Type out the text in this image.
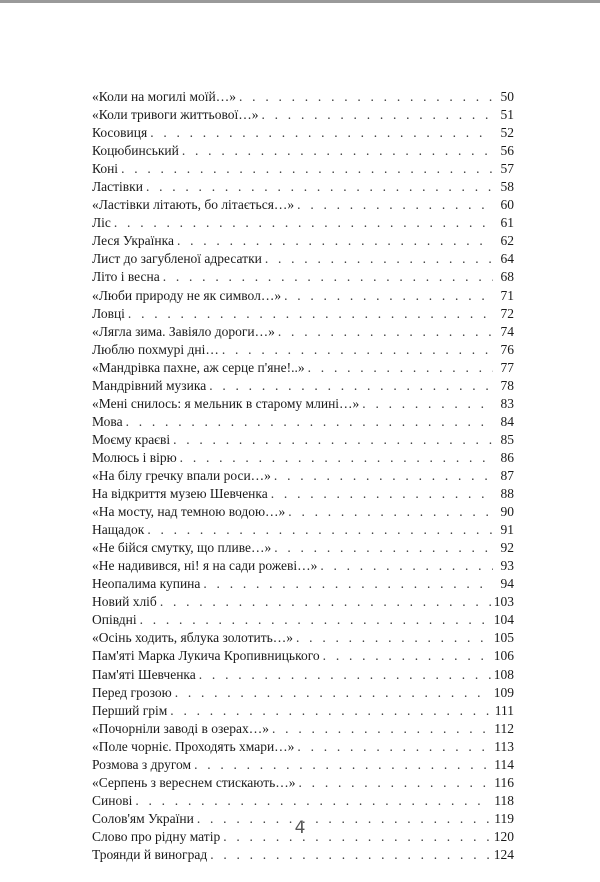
«Коли на могилі моїй…» . . .	50
«Коли тривоги життьової…» . . .	51
Косовиця . . .	52
Коцюбинський . . .	56
Коні . . .	57
Ластівки . . .	58
«Ластівки літають, бо літається…» . . .	60
Ліс . . .	61
Леся Українка . . .	62
Лист до загубленої адресатки . . .	64
Літо і весна . . .	68
«Люби природу не як символ…» . . .	71
Ловці . . .	72
«Лягла зима. Завіяло дороги…» . . .	74
Люблю похмурі дні… . . .	76
«Мандрівка пахне, аж серце п'яне!..» . . .	77
Мандрівний музика . . .	78
«Мені снилось: я мельник в старому млині…» . . .	83
Мова . . .	84
Моєму краєві . . .	85
Молюсь і вірю . . .	86
«На білу гречку впали роси…» . . .	87
На відкриття музею Шевченка . . .	88
«На мосту, над темною водою…» . . .	90
Нащадок . . .	91
«Не бійся смутку, що пливе…» . . .	92
«Не надивився, ні! я на сади рожеві…» . . .	93
Неопалима купина . . .	94
Новий хліб . . .	103
Опівдні . . .	104
«Осінь ходить, яблука золотить…» . . .	105
Пам'яті Марка Лукича Кропивницького . . .	106
Пам'яті Шевченка . . .	108
Перед грозою . . .	109
Перший грім . . .	111
«Почорніли заводі в озерах…» . . .	112
«Поле чорніє. Проходять хмари…» . . .	113
Розмова з другом . . .	114
«Серпень з вереснем стискають…» . . .	116
Синові . . .	118
Солов'ям України . . .	119
Слово про рідну матір . . .	120
Троянди й виноград . . .	124
4
